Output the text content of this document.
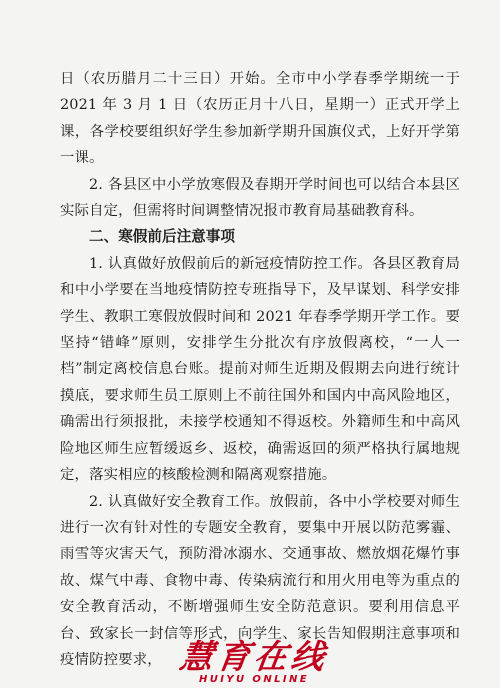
日（农历腊月二十三日）开始。全市中小学春季学期统一于 2021 年 3 月 1 日（农历正月十八日，星期一）正式开学上课，各学校要组织好学生参加新学期升国旗仪式，上好开学第一课。

2. 各县区中小学放寒假及春期开学时间也可以结合本县区实际自定，但需将时间调整情况报市教育局基础教育科。

二、寒假前后注意事项

1. 认真做好放假前后的新冠疫情防控工作。各县区教育局和中小学要在当地疫情防控专班指导下，及早谋划、科学安排学生、教职工寒假放假时间和 2021 年春季学期开学工作。要坚持“错峰”原则，安排学生分批次有序放假离校，“一人一档”制定离校信息台账。提前对师生近期及假期去向进行统计摸底，要求师生员工原则上不前往国外和国内中高风险地区，确需出行须报批，未接学校通知不得返校。外籍师生和中高风险地区师生应暂缓返乡、返校，确需返回的须严格执行属地规定，落实相应的核酸检测和隔离观察措施。

2. 认真做好安全教育工作。放假前，各中小学校要对师生进行一次有针对性的专题安全教育，要集中开展以防范雾霾、雨雪等灾害天气，预防滑冰溺水、交通事故、燃放烟花爆竹事故、煤气中毒、食物中毒、传染病流行和用火用电等为重点的安全教育活动，不断增强师生安全防范意识。要利用信息平台、致家长一封信等形式，向学生、家长告知假期注意事项和疫情防控要求， 慧育在线
HUIYU ONLINE
